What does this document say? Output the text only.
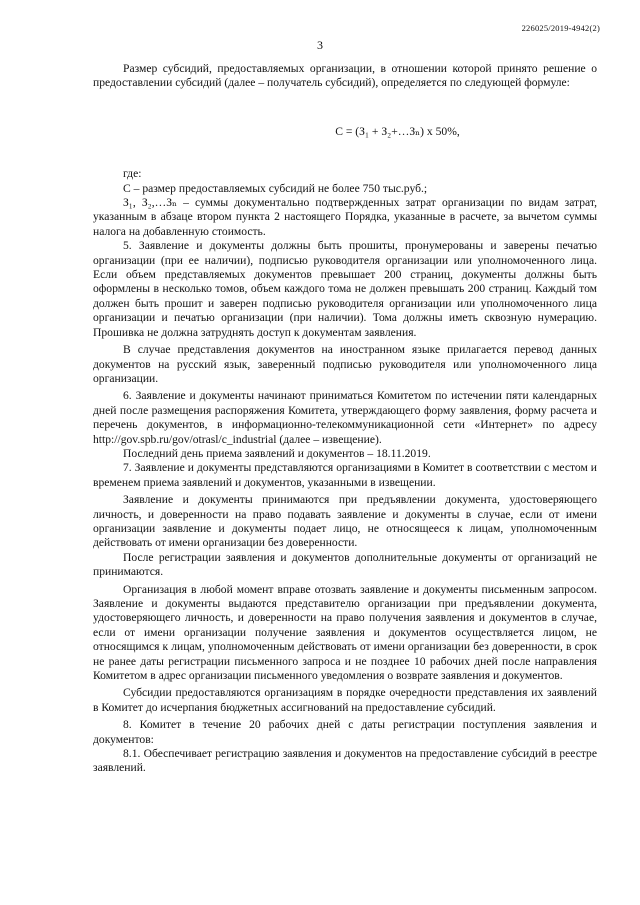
226025/2019-4942(2)
3

Размер субсидий, предоставляемых организации, в отношении которой принято решение о предоставлении субсидий (далее – получатель субсидий), определяется по следующей формуле:

С = (З₁ + З₂+…Зₙ) х 50%,

где:

С – размер предоставляемых субсидий не более 750 тыс.руб.;

З₁, З₂,…Зₙ – суммы документально подтвержденных затрат организации по видам затрат, указанным в абзаце втором пункта 2 настоящего Порядка, указанные в расчете, за вычетом суммы налога на добавленную стоимость.

5. Заявление и документы должны быть прошиты, пронумерованы и заверены печатью организации (при ее наличии), подписью руководителя организации или уполномоченного лица. Если объем представляемых документов превышает 200 страниц, документы должны быть оформлены в несколько томов, объем каждого тома не должен превышать 200 страниц. Каждый том должен быть прошит и заверен подписью руководителя организации или уполномоченного лица организации и печатью организации (при наличии). Тома должны иметь сквозную нумерацию. Прошивка не должна затруднять доступ к документам заявления.

В случае представления документов на иностранном языке прилагается перевод данных документов на русский язык, заверенный подписью руководителя или уполномоченного лица организации.

6. Заявление и документы начинают приниматься Комитетом по истечении пяти календарных дней после размещения распоряжения Комитета, утверждающего форму заявления, форму расчета и перечень документов, в информационно-телекоммуникационной сети «Интернет» по адресу http://gov.spb.ru/gov/otrasl/c_industrial (далее – извещение).

Последний день приема заявлений и документов – 18.11.2019.

7. Заявление и документы представляются организациями в Комитет в соответствии с местом и временем приема заявлений и документов, указанными в извещении.

Заявление и документы принимаются при предъявлении документа, удостоверяющего личность, и доверенности на право подавать заявление и документы в случае, если от имени организации заявление и документы подает лицо, не относящееся к лицам, уполномоченным действовать от имени организации без доверенности.

После регистрации заявления и документов дополнительные документы от организаций не принимаются.

Организация в любой момент вправе отозвать заявление и документы письменным запросом. Заявление и документы выдаются представителю организации при предъявлении документа, удостоверяющего личность, и доверенности на право получения заявления и документов в случае, если от имени организации получение заявления и документов осуществляется лицом, не относящимся к лицам, уполномоченным действовать от имени организации без доверенности, в срок не ранее даты регистрации письменного запроса и не позднее 10 рабочих дней после направления Комитетом в адрес организации письменного уведомления о возврате заявления и документов.

Субсидии предоставляются организациям в порядке очередности представления их заявлений в Комитет до исчерпания бюджетных ассигнований на предоставление субсидий.

8. Комитет в течение 20 рабочих дней с даты регистрации поступления заявления и документов:

8.1. Обеспечивает регистрацию заявления и документов на предоставление субсидий в реестре заявлений.
